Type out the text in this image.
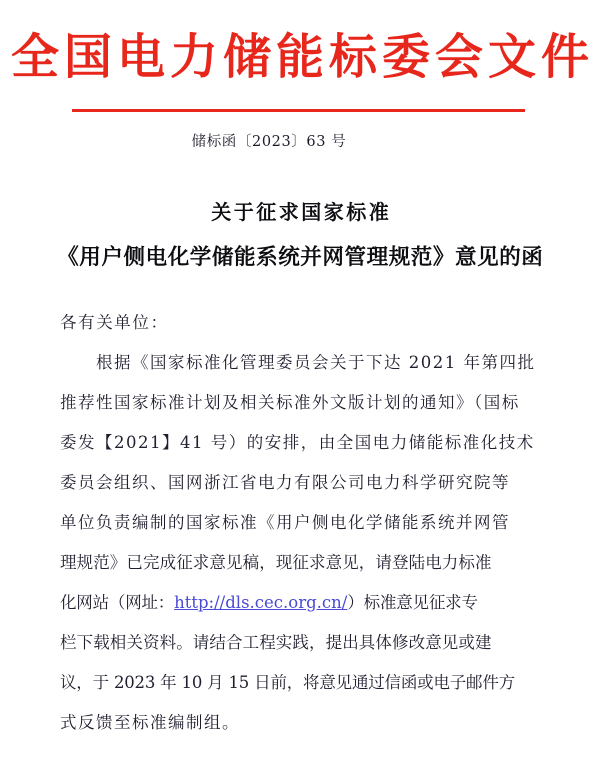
全国电力储能标委会文件
储标函〔2023〕63 号
关于征求国家标准
《用户侧电化学储能系统并网管理规范》意见的函
各有关单位：
根据《国家标准化管理委员会关于下达 2021 年第四批
推荐性国家标准计划及相关标准外文版计划的通知》（国标
委发【2021】41 号）的安排，由全国电力储能标准化技术
委员会组织、国网浙江省电力有限公司电力科学研究院等
单位负责编制的国家标准《用户侧电化学储能系统并网管
理规范》已完成征求意见稿，现征求意见，请登陆电力标准
化网站（网址：http://dls.cec.org.cn/）标准意见征求专
栏下载相关资料。请结合工程实践，提出具体修改意见或建
议，于 2023 年 10 月 15 日前，将意见通过信函或电子邮件方
式反馈至标准编制组。
